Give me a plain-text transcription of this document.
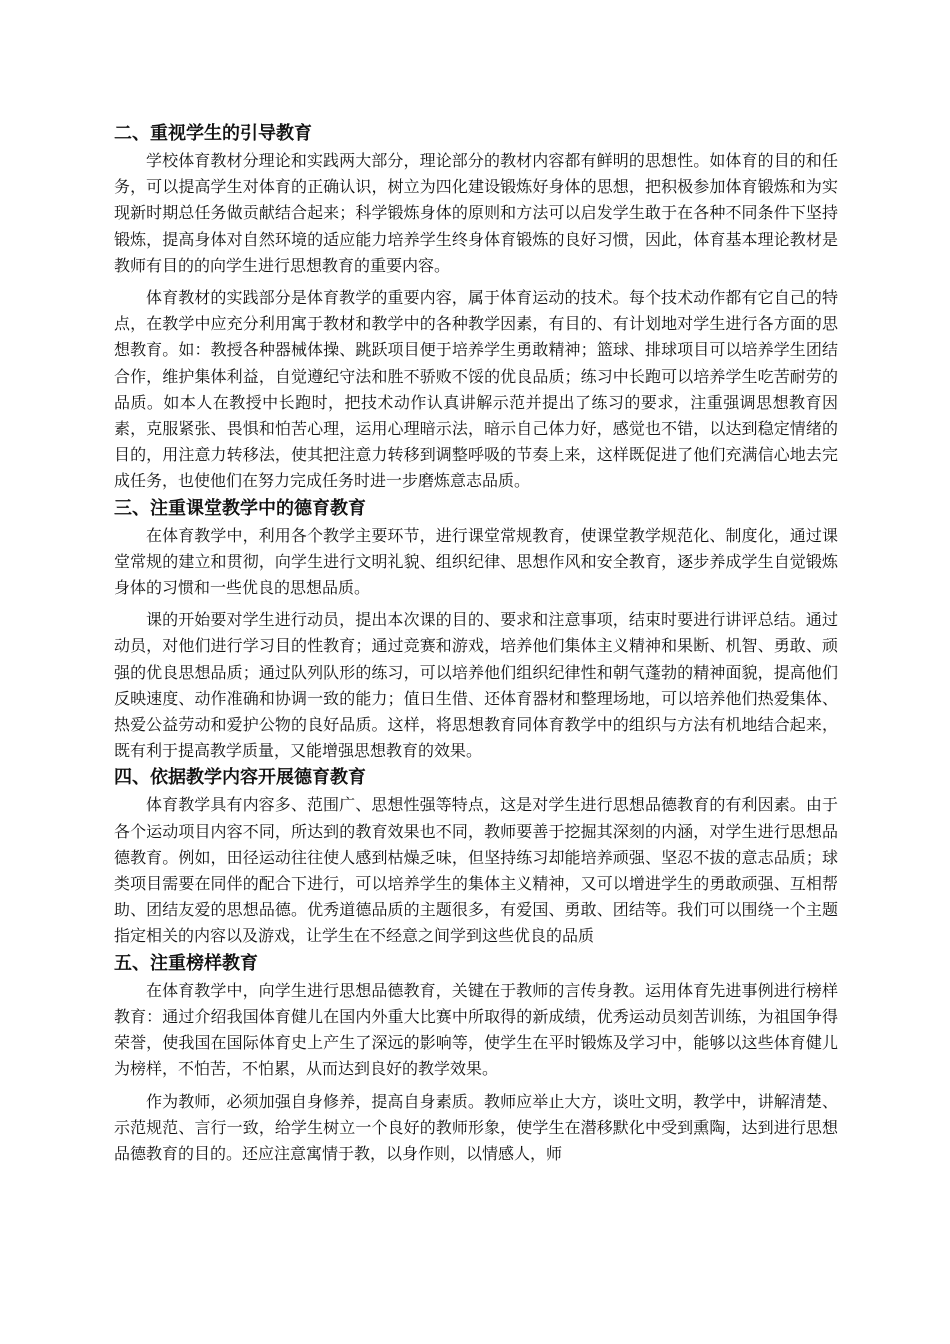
二、重视学生的引导教育

学校体育教材分理论和实践两大部分，理论部分的教材内容都有鲜明的思想性。如体育的目的和任务，可以提高学生对体育的正确认识，树立为四化建设锻炼好身体的思想，把积极参加体育锻炼和为实现新时期总任务做贡献结合起来；科学锻炼身体的原则和方法可以启发学生敢于在各种不同条件下坚持锻炼，提高身体对自然环境的适应能力培养学生终身体育锻炼的良好习惯，因此，体育基本理论教材是教师有目的的向学生进行思想教育的重要内容。

体育教材的实践部分是体育教学的重要内容，属于体育运动的技术。每个技术动作都有它自己的特点，在教学中应充分利用寓于教材和教学中的各种教学因素，有目的、有计划地对学生进行各方面的思想教育。如：教授各种器械体操、跳跃项目便于培养学生勇敢精神；篮球、排球项目可以培养学生团结合作，维护集体利益，自觉遵纪守法和胜不骄败不馁的优良品质；练习中长跑可以培养学生吃苦耐劳的品质。如本人在教授中长跑时，把技术动作认真讲解示范并提出了练习的要求，注重强调思想教育因素，克服紧张、畏惧和怕苦心理，运用心理暗示法，暗示自己体力好，感觉也不错，以达到稳定情绪的目的，用注意力转移法，使其把注意力转移到调整呼吸的节奏上来，这样既促进了他们充满信心地去完成任务，也使他们在努力完成任务时进一步磨炼意志品质。

三、注重课堂教学中的德育教育

在体育教学中，利用各个教学主要环节，进行课堂常规教育，使课堂教学规范化、制度化，通过课堂常规的建立和贯彻，向学生进行文明礼貌、组织纪律、思想作风和安全教育，逐步养成学生自觉锻炼身体的习惯和一些优良的思想品质。

课的开始要对学生进行动员，提出本次课的目的、要求和注意事项，结束时要进行讲评总结。通过动员，对他们进行学习目的性教育；通过竞赛和游戏，培养他们集体主义精神和果断、机智、勇敢、顽强的优良思想品质；通过队列队形的练习，可以培养他们组织纪律性和朝气蓬勃的精神面貌，提高他们反映速度、动作准确和协调一致的能力；值日生借、还体育器材和整理场地，可以培养他们热爱集体、热爱公益劳动和爱护公物的良好品质。这样，将思想教育同体育教学中的组织与方法有机地结合起来，既有利于提高教学质量，又能增强思想教育的效果。

四、依据教学内容开展德育教育

体育教学具有内容多、范围广、思想性强等特点，这是对学生进行思想品德教育的有利因素。由于各个运动项目内容不同，所达到的教育效果也不同，教师要善于挖掘其深刻的内涵，对学生进行思想品德教育。例如，田径运动往往使人感到枯燥乏味，但坚持练习却能培养顽强、坚忍不拔的意志品质；球类项目需要在同伴的配合下进行，可以培养学生的集体主义精神，又可以增进学生的勇敢顽强、互相帮助、团结友爱的思想品德。优秀道德品质的主题很多，有爱国、勇敢、团结等。我们可以围绕一个主题指定相关的内容以及游戏，让学生在不经意之间学到这些优良的品质

五、注重榜样教育

在体育教学中，向学生进行思想品德教育，关键在于教师的言传身教。运用体育先进事例进行榜样教育：通过介绍我国体育健儿在国内外重大比赛中所取得的新成绩，优秀运动员刻苦训练，为祖国争得荣誉，使我国在国际体育史上产生了深远的影响等，使学生在平时锻炼及学习中，能够以这些体育健儿为榜样，不怕苦，不怕累，从而达到良好的教学效果。

作为教师，必须加强自身修养，提高自身素质。教师应举止大方，谈吐文明，教学中，讲解清楚、示范规范、言行一致，给学生树立一个良好的教师形象，使学生在潜移默化中受到熏陶，达到进行思想品德教育的目的。还应注意寓情于教，以身作则，以情感人，师
